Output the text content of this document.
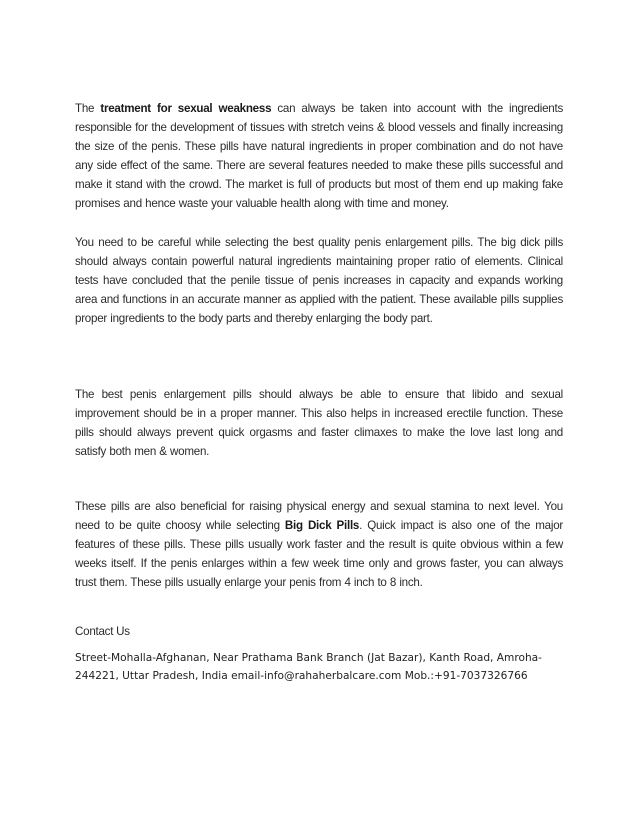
The treatment for sexual weakness can always be taken into account with the ingredients responsible for the development of tissues with stretch veins & blood vessels and finally increasing the size of the penis. These pills have natural ingredients in proper combination and do not have any side effect of the same. There are several features needed to make these pills successful and make it stand with the crowd. The market is full of products but most of them end up making fake promises and hence waste your valuable health along with time and money.

You need to be careful while selecting the best quality penis enlargement pills. The big dick pills should always contain powerful natural ingredients maintaining proper ratio of elements. Clinical tests have concluded that the penile tissue of penis increases in capacity and expands working area and functions in an accurate manner as applied with the patient. These available pills supplies proper ingredients to the body parts and thereby enlarging the body part.

The best penis enlargement pills should always be able to ensure that libido and sexual improvement should be in a proper manner. This also helps in increased erectile function. These pills should always prevent quick orgasms and faster climaxes to make the love last long and satisfy both men & women.

These pills are also beneficial for raising physical energy and sexual stamina to next level. You need to be quite choosy while selecting Big Dick Pills. Quick impact is also one of the major features of these pills. These pills usually work faster and the result is quite obvious within a few weeks itself. If the penis enlarges within a few week time only and grows faster, you can always trust them. These pills usually enlarge your penis from 4 inch to 8 inch.

Contact Us

Street-Mohalla-Afghanan, Near Prathama Bank Branch (Jat Bazar), Kanth Road, Amroha-244221, Uttar Pradesh, India email-info@rahaherbalcare.com Mob.:+91-7037326766
